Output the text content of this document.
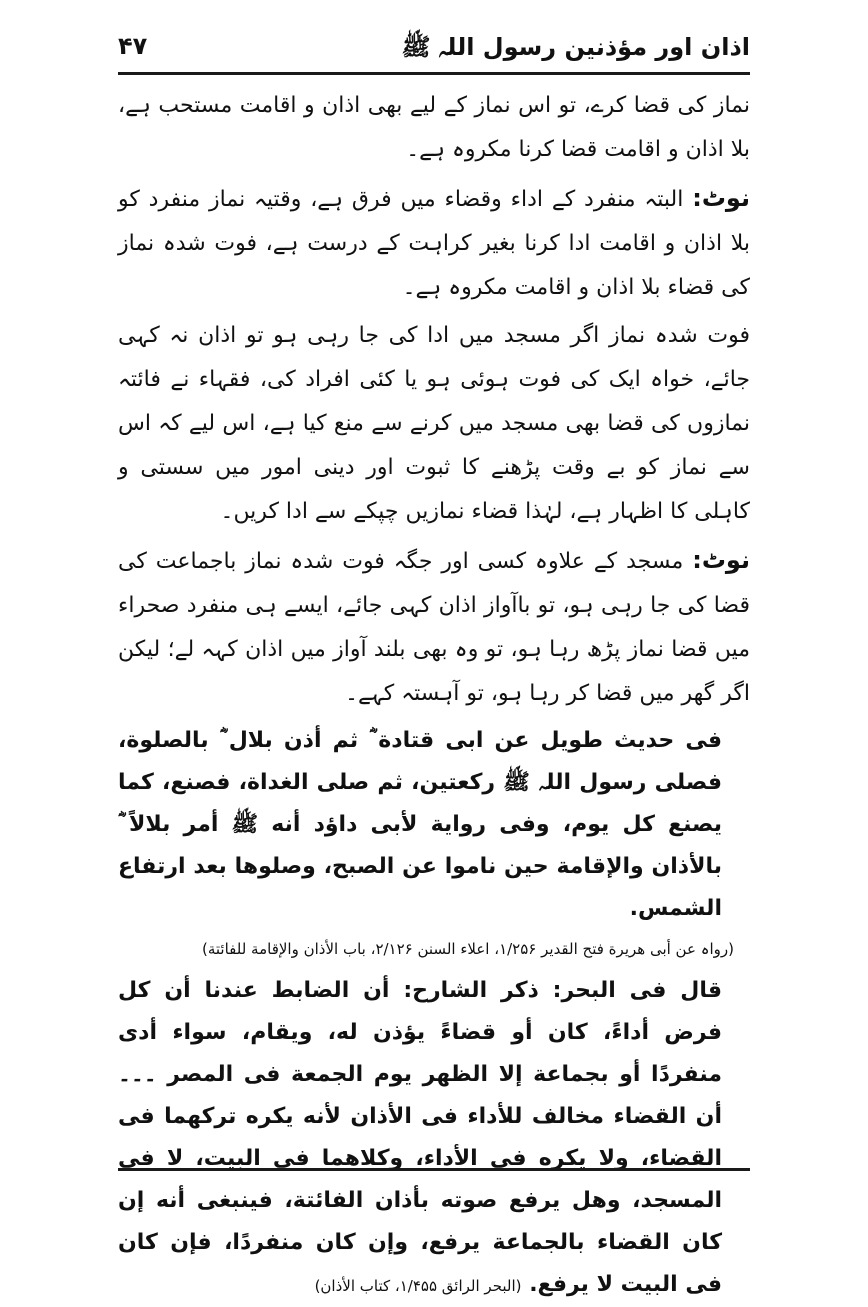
اذان اور مؤذنین رسول اللہ ﷺ
۴۷

نماز کی قضا کرے، تو اس نماز کے لیے بھی اذان و اقامت مستحب ہے، بلا اذان و اقامت قضا کرنا مکروہ ہے۔

نوٹ: البتہ منفرد کے اداء وقضاء میں فرق ہے، وقتیہ نماز منفرد کو بلا اذان و اقامت ادا کرنا بغیر کراہت کے درست ہے، فوت شدہ نماز کی قضاء بلا اذان و اقامت مکروہ ہے۔

فوت شدہ نماز اگر مسجد میں ادا کی جا رہی ہو تو اذان نہ کہی جائے، خواہ ایک کی فوت ہوئی ہو یا کئی افراد کی، فقہاء نے فائتہ نمازوں کی قضا بھی مسجد میں کرنے سے منع کیا ہے، اس لیے کہ اس سے نماز کو بے وقت پڑھنے کا ثبوت اور دینی امور میں سستی و کاہلی کا اظہار ہے، لہٰذا قضاء نمازیں چپکے سے ادا کریں۔

نوٹ: مسجد کے علاوہ کسی اور جگہ فوت شدہ نماز باجماعت کی قضا کی جا رہی ہو، تو باآواز اذان کہی جائے، ایسے ہی منفرد صحراء میں قضا نماز پڑھ رہا ہو، تو وہ بھی بلند آواز میں اذان کہہ لے؛ لیکن اگر گھر میں قضا کر رہا ہو، تو آہستہ کہے۔

فی حدیث طویل عن ابی قتادة ؓ ثم أذن بلال ؓ بالصلوة، فصلی رسول اللہ ﷺ رکعتین، ثم صلی الغداة، فصنع، کما یصنع کل یوم، وفی روایة لأبی داؤد أنه ﷺ أمر بلالاً ؓ بالأذان والإقامة حین ناموا عن الصبح، وصلوها بعد ارتفاع الشمس.

(رواہ عن أبی ھریرة فتح القدیر ۱/۲۵۶، اعلاء السنن ۲/۱۲۶، باب الأذان والإقامة للفائتة)

قال فی البحر: ذکر الشارح: أن الضابط عندنا أن کل فرض أداءً، کان أو قضاءً یؤذن له، ویقام، سواء أدی منفردًا أو بجماعة إلا الظهر یوم الجمعة فی المصر ۔۔۔ أن القضاء مخالف للأداء فی الأذان لأنه یکره ترکهما فی القضاء، ولا یکره فی الأداء، وکلاهما فی البیت، لا فی المسجد، وهل یرفع صوته بأذان الفائتة، فینبغی أنه إن کان القضاء بالجماعة یرفع، وإن کان منفردًا، فإن کان فی البیت لا یرفع. (البحر الرائق ۱/۴۵۵، کتاب الأذان)
